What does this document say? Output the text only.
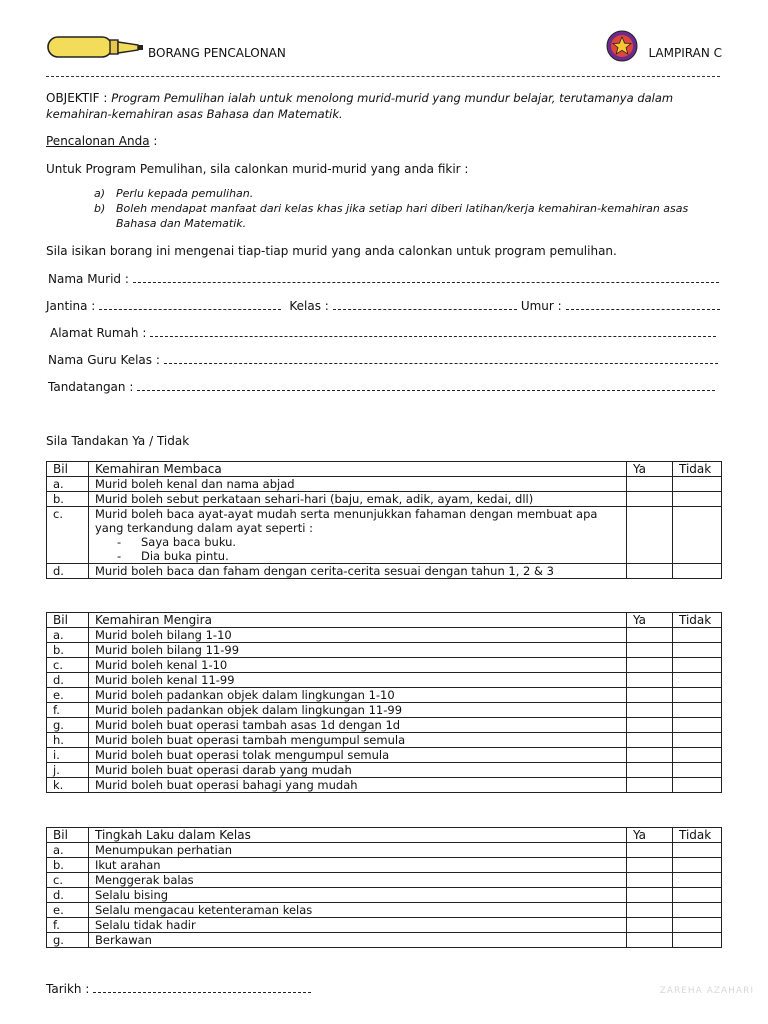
BORANG PENCALONAN	LAMPIRAN C
OBJEKTIF : Program Pemulihan ialah untuk menolong murid-murid yang mundur belajar, terutamanya dalam kemahiran-kemahiran asas Bahasa dan Matematik.
Pencalonan Anda :
Untuk Program Pemulihan, sila calonkan murid-murid yang anda fikir :
a) Perlu kepada pemulihan.
b) Boleh mendapat manfaat dari kelas khas jika setiap hari diberi latihan/kerja kemahiran-kemahiran asas Bahasa dan Matematik.
Sila isikan borang ini mengenai tiap-tiap murid yang anda calonkan untuk program pemulihan.
Nama Murid :
Jantina :	Kelas :	Umur :
Alamat Rumah :
Nama Guru Kelas :
Tandatangan :
Sila Tandakan Ya / Tidak
Bil	Kemahiran Membaca	Ya	Tidak
a.	Murid boleh kenal dan nama abjad		
b.	Murid boleh sebut perkataan sehari-hari (baju, emak, adik, ayam, kedai, dll)		
c.	Murid boleh baca ayat-ayat mudah serta menunjukkan fahaman dengan membuat apa yang terkandung dalam ayat seperti :
- Saya baca buku.
- Dia buka pintu.		

d.	Murid boleh baca dan faham dengan cerita-cerita sesuai dengan tahun 1, 2 & 3		
Bil	Kemahiran Mengira	Ya	Tidak
a.	Murid boleh bilang 1-10		
b.	Murid boleh bilang 11-99		
c.	Murid boleh kenal 1-10		
d.	Murid boleh kenal 11-99		
e.	Murid boleh padankan objek dalam lingkungan 1-10		
f.	Murid boleh padankan objek dalam lingkungan 11-99		
g.	Murid boleh buat operasi tambah asas 1d dengan 1d		
h.	Murid boleh buat operasi tambah mengumpul semula		
i.	Murid boleh buat operasi tolak mengumpul semula		
j.	Murid boleh buat operasi darab yang mudah		
k.	Murid boleh buat operasi bahagi yang mudah		
Bil	Tingkah Laku dalam Kelas	Ya	Tidak
a.	Menumpukan perhatian		
b.	Ikut arahan		
c.	Menggerak balas		
d.	Selalu bising		
e.	Selalu mengacau ketenteraman kelas		
f.	Selalu tidak hadir		
g.	Berkawan		
Tarikh :	ZAREHA AZAHARI
